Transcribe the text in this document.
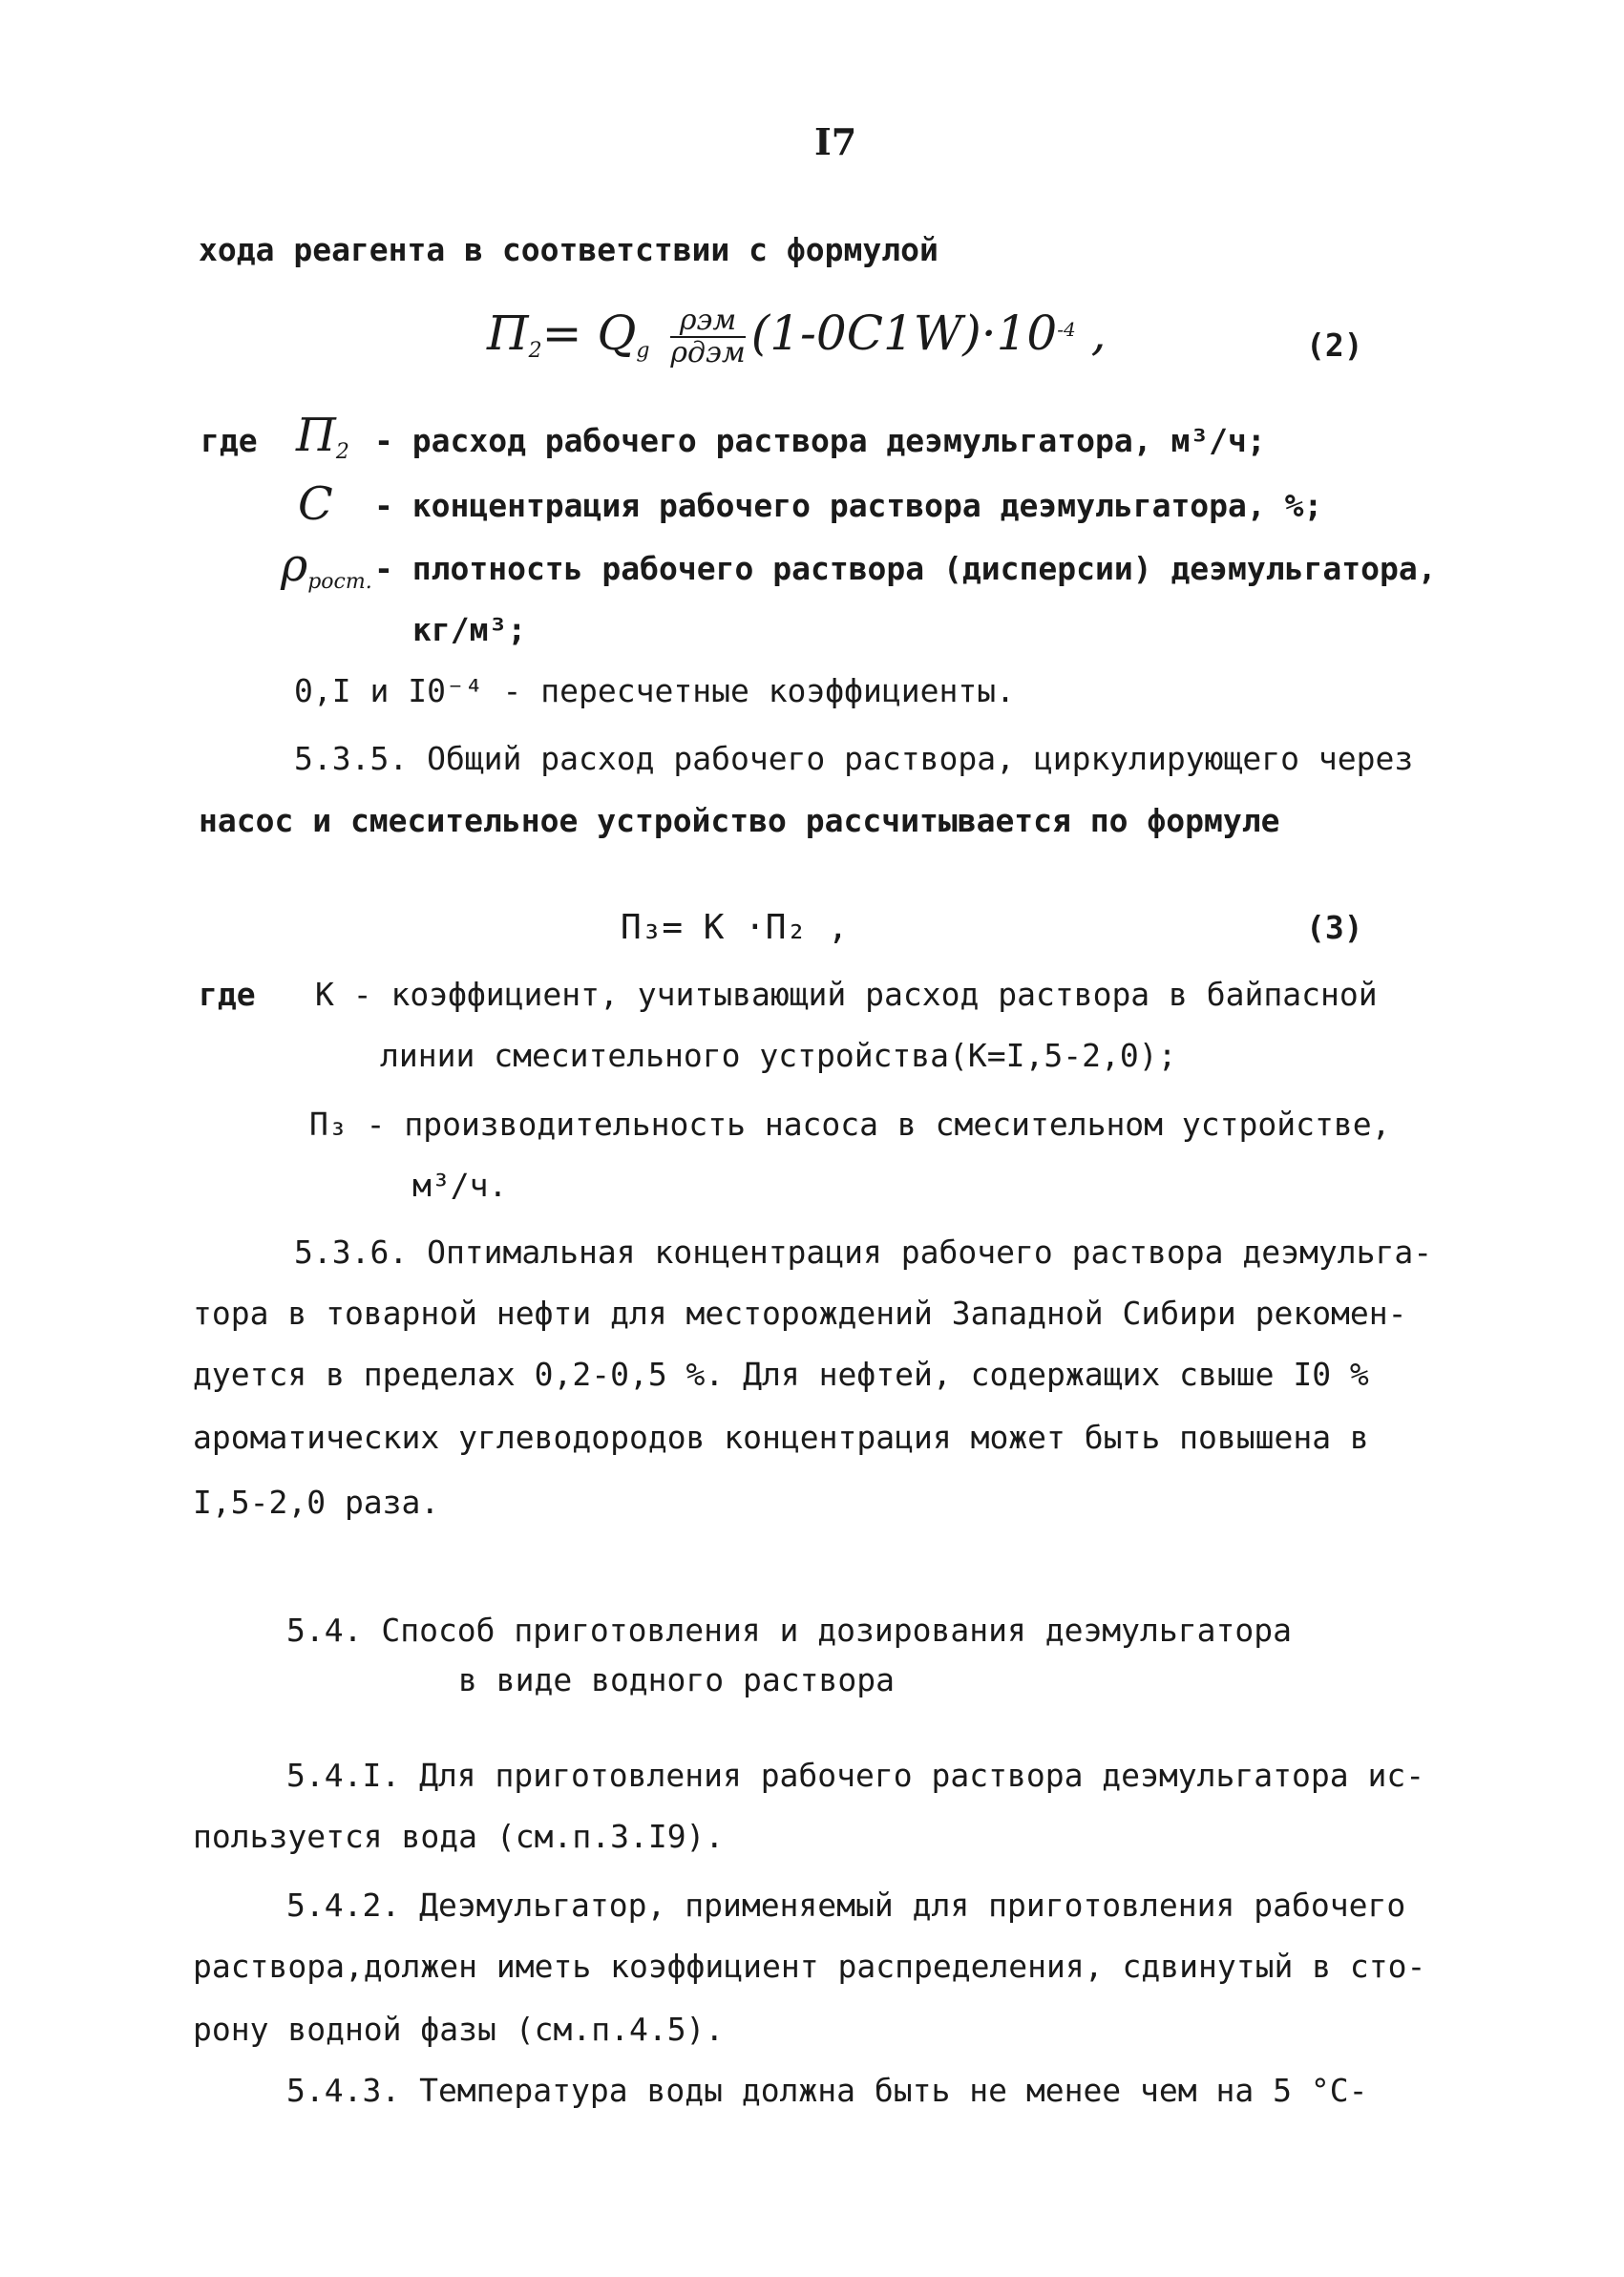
I7
хода реагента в соответствии с формулой
$П_2= Q_g \frac{\text{ρэм}}{\text{ρдэм}} (1-0C1W)\cdot 10^{-4}$ ,	(2)
где $П_2$ - расход рабочего раствора деэмульгатора, м³/ч;
C - концентрация рабочего раствора деэмульгатора, %;
$\rho_{рост.}$ - плотность рабочего раствора (дисперсии) деэмульгатора,
кг/м³;
0,I и I0⁻⁴ - пересчетные коэффициенты.
5.3.5. Общий расход рабочего раствора, циркулирующего через
насос и смесительное устройство рассчитывается по формуле
П₃= К ·П₂ ,	(3)
где К - коэффициент, учитывающий расход раствора в байпасной
линии смесительного устройства(К=I,5-2,0);
П₃ - производительность насоса в смесительном устройстве,
м³/ч.
5.3.6. Оптимальная концентрация рабочего раствора деэмульга-
тора в товарной нефти для месторождений Западной Сибири рекомен-
дуется в пределах 0,2-0,5 %. Для нефтей, содержащих свыше I0 %
ароматических углеводородов концентрация может быть повышена в
I,5-2,0 раза.
5.4. Способ приготовления и дозирования деэмульгатора
в виде водного раствора
5.4.I. Для приготовления рабочего раствора деэмульгатора ис-
пользуется вода (см.п.3.I9).
5.4.2. Деэмульгатор, применяемый для приготовления рабочего
раствора,должен иметь коэффициент распределения, сдвинутый в сто-
рону водной фазы (см.п.4.5).
5.4.3. Температура воды должна быть не менее чем на 5 °С-
